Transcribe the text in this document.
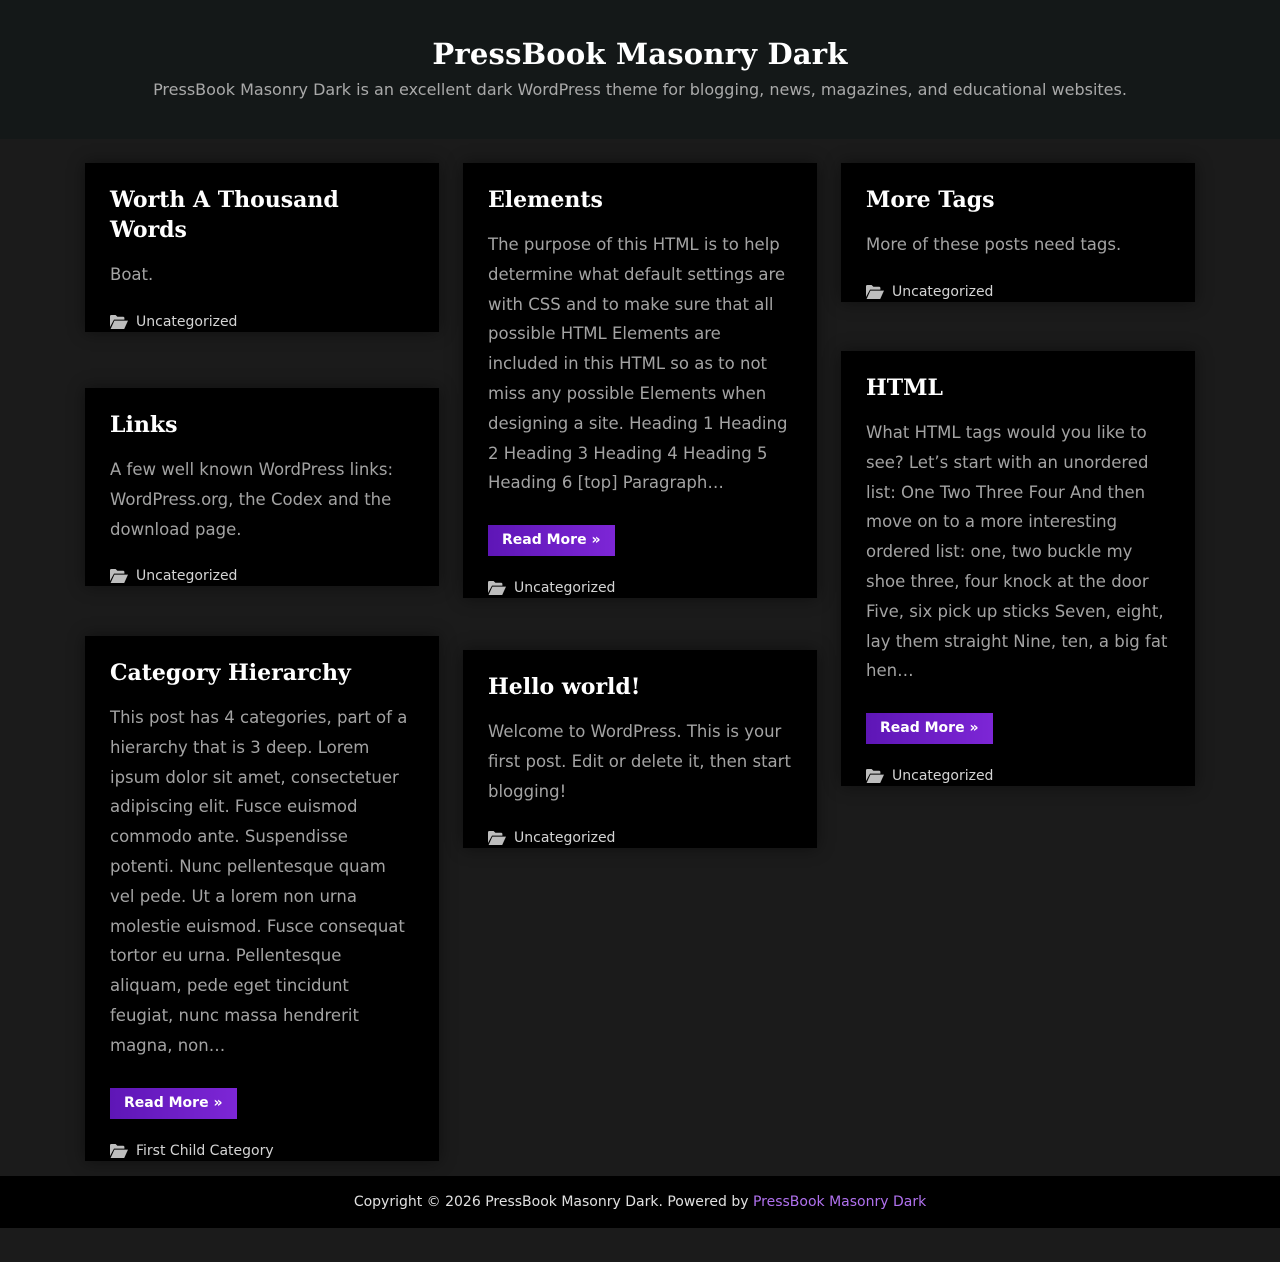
PressBook Masonry Dark

PressBook Masonry Dark is an excellent dark WordPress theme for blogging, news, magazines, and educational websites.

Worth A Thousand Words

Boat.

Uncategorized
Links

A few well known WordPress links: WordPress.org, the Codex and the download page.

Uncategorized
Category Hierarchy

This post has 4 categories, part of a hierarchy that is 3 deep. Lorem ipsum dolor sit amet, consectetuer adipiscing elit. Fusce euismod commodo ante. Suspendisse potenti. Nunc pellentesque quam vel pede. Ut a lorem non urna molestie euismod. Fusce consequat tortor eu urna. Pellentesque aliquam, pede eget tincidunt feugiat, nunc massa hendrerit magna, non…

Read More »
First Child Category
Elements

The purpose of this HTML is to help determine what default settings are with CSS and to make sure that all possible HTML Elements are included in this HTML so as to not miss any possible Elements when designing a site. Heading 1 Heading 2 Heading 3 Heading 4 Heading 5 Heading 6 [top] Paragraph…

Read More »
Uncategorized
Hello world!

Welcome to WordPress. This is your first post. Edit or delete it, then start blogging!

Uncategorized
More Tags

More of these posts need tags.

Uncategorized
HTML

What HTML tags would you like to see? Let’s start with an unordered list: One Two Three Four And then move on to a more interesting ordered list: one, two buckle my shoe three, four knock at the door Five, six pick up sticks Seven, eight, lay them straight Nine, ten, a big fat hen…

Read More »
Uncategorized
Copyright © 2026 PressBook Masonry Dark. Powered by PressBook Masonry Dark
